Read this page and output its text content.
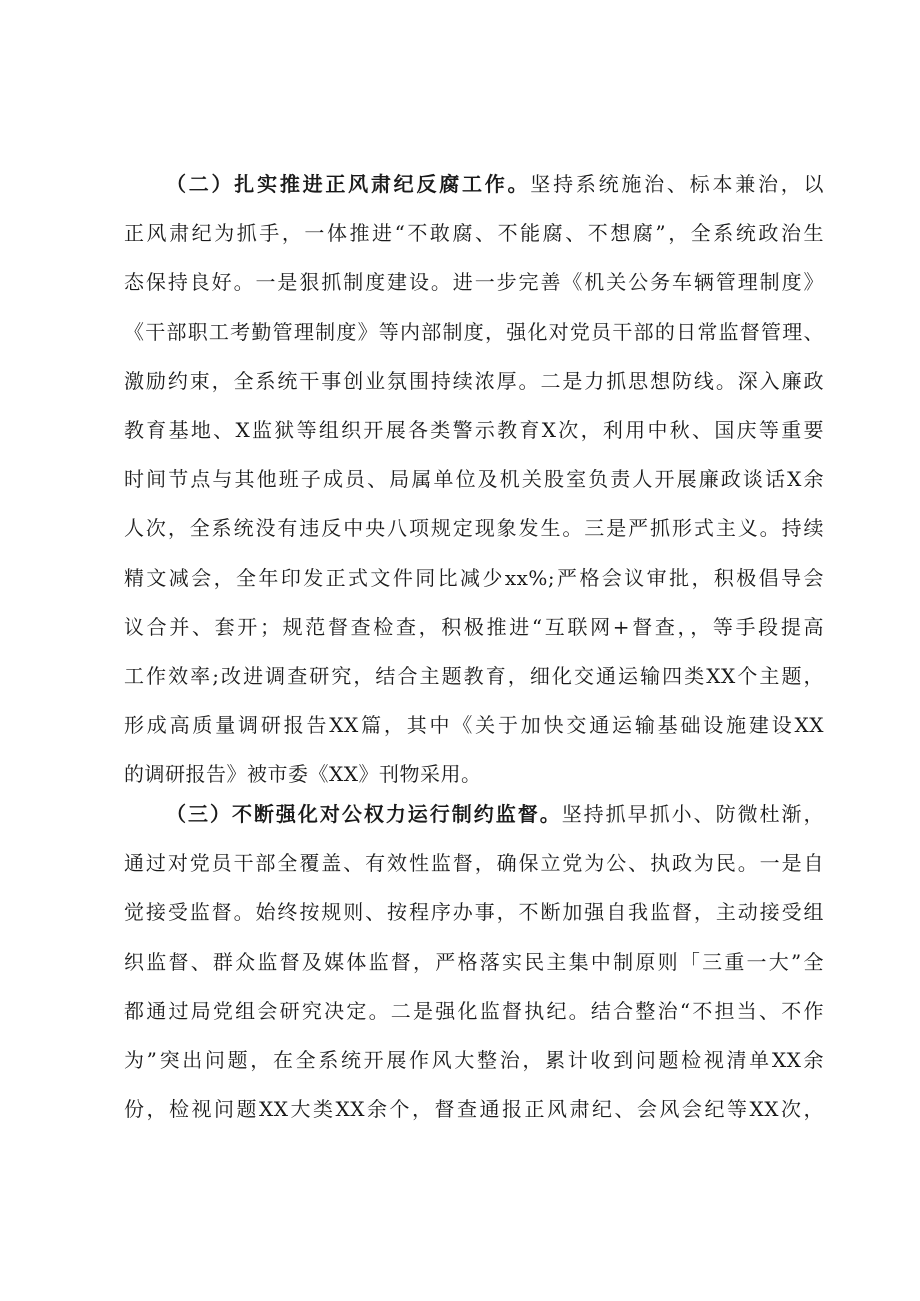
（二）扎实推进正风肃纪反腐工作。坚持系统施治、标本兼治，以
正风肃纪为抓手，一体推进“不敢腐、不能腐、不想腐”，全系统政治生
态保持良好。一是狠抓制度建设。进一步完善《机关公务车辆管理制度》
《干部职工考勤管理制度》等内部制度，强化对党员干部的日常监督管理、
激励约束，全系统干事创业氛围持续浓厚。二是力抓思想防线。深入廉政
教育基地、X监狱等组织开展各类警示教育X次，利用中秋、国庆等重要
时间节点与其他班子成员、局属单位及机关股室负责人开展廉政谈话X余
人次，全系统没有违反中央八项规定现象发生。三是严抓形式主义。持续
精文减会，全年印发正式文件同比减少xx%;严格会议审批，积极倡导会
议合并、套开；规范督查检查，积极推进“互联网+督查，，等手段提高
工作效率;改进调查研究，结合主题教育，细化交通运输四类XX个主题，
形成高质量调研报告XX篇，其中《关于加快交通运输基础设施建设XX
的调研报告》被市委《XX》刊物采用。
（三）不断强化对公权力运行制约监督。坚持抓早抓小、防微杜渐，
通过对党员干部全覆盖、有效性监督，确保立党为公、执政为民。一是自
觉接受监督。始终按规则、按程序办事，不断加强自我监督，主动接受组
织监督、群众监督及媒体监督，严格落实民主集中制原则「三重一大”全
都通过局党组会研究决定。二是强化监督执纪。结合整治“不担当、不作
为”突出问题，在全系统开展作风大整治，累计收到问题检视清单XX余
份，检视问题XX大类XX余个，督查通报正风肃纪、会风会纪等XX次，
